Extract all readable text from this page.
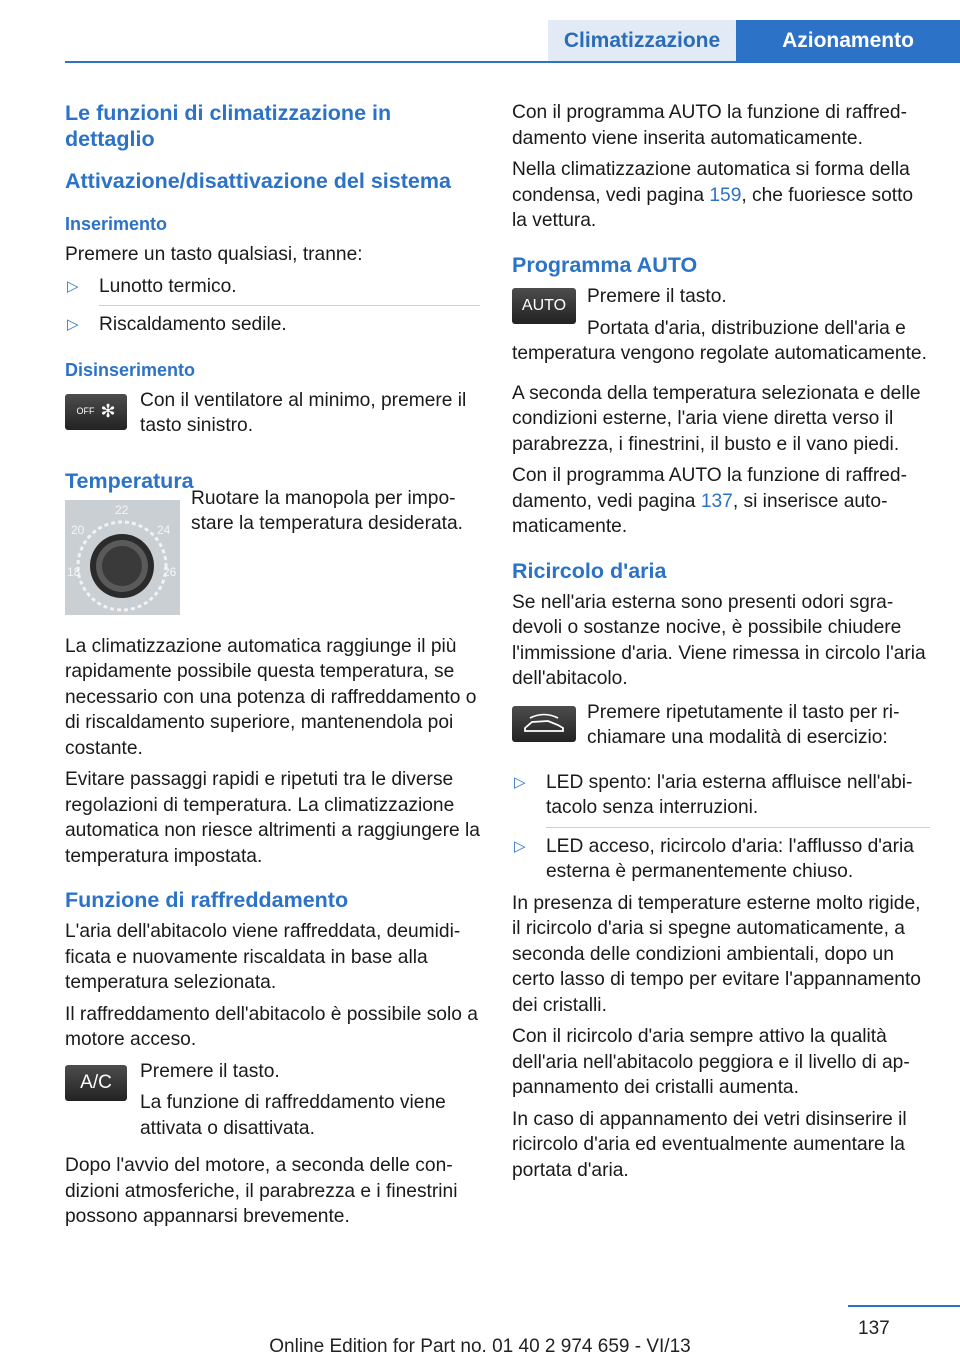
Climatizzazione	Azionamento
Le funzioni di climatizzazione in dettaglio
Attivazione/disattivazione del sistema
Inserimento

Premere un tasto qualsiasi, tranne:

▷ Lunotto termico.
▷ Riscaldamento sedile.
Disinserimento
OFF ✻
Con il ventilatore al minimo, premere il tasto sinistro.
Temperatura
22
20	24
18	26
Ruotare la manopola per impostare la temperatura desiderata.

La climatizzazione automatica raggiunge il più rapidamente possibile questa temperatura, se necessario con una potenza di raffreddamento o di riscaldamento superiore, mantenendola poi costante.

Evitare passaggi rapidi e ripetuti tra le diverse regolazioni di temperatura. La climatizzazione automatica non riesce altrimenti a raggiungere la temperatura impostata.

Funzione di raffreddamento

L'aria dell'abitacolo viene raffreddata, deumidificata e nuovamente riscaldata in base alla temperatura selezionata.

Il raffreddamento dell'abitacolo è possibile solo a motore acceso.

A/C
Premere il tasto.
La funzione di raffreddamento viene attivata o disattivata.

Dopo l'avvio del motore, a seconda delle condizioni atmosferiche, il parabrezza e i finestrini possono appannarsi brevemente.

Con il programma AUTO la funzione di raffreddamento viene inserita automaticamente.

Nella climatizzazione automatica si forma della condensa, vedi pagina 159, che fuoriesce sotto la vettura.

Programma AUTO
AUTO	Premere il tasto.

Portata d'aria, distribuzione dell'aria e temperatura vengono regolate automaticamente.

A seconda della temperatura selezionata e delle condizioni esterne, l'aria viene diretta verso il parabrezza, i finestrini, il busto e il vano piedi.

Con il programma AUTO la funzione di raffreddamento, vedi pagina 137, si inserisce automaticamente.

Ricircolo d'aria

Se nell'aria esterna sono presenti odori sgradevoli o sostanze nocive, è possibile chiudere l'immissione d'aria. Viene rimessa in circolo l'aria dell'abitacolo.

Premere ripetutamente il tasto per richiamare una modalità di esercizio:
▷ LED spento: l'aria esterna affluisce nell'abitacolo senza interruzioni.
▷ LED acceso, ricircolo d'aria: l'afflusso d'aria esterna è permanentemente chiuso.

In presenza di temperature esterne molto rigide, il ricircolo d'aria si spegne automaticamente, a seconda delle condizioni ambientali, dopo un certo lasso di tempo per evitare l'appannamento dei cristalli.

Con il ricircolo d'aria sempre attivo la qualità dell'aria nell'abitacolo peggiora e il livello di appannamento dei cristalli aumenta.

In caso di appannamento dei vetri disinserire il ricircolo d'aria ed eventualmente aumentare la portata d'aria.

137
Online Edition for Part no. 01 40 2 974 659 - VI/13
